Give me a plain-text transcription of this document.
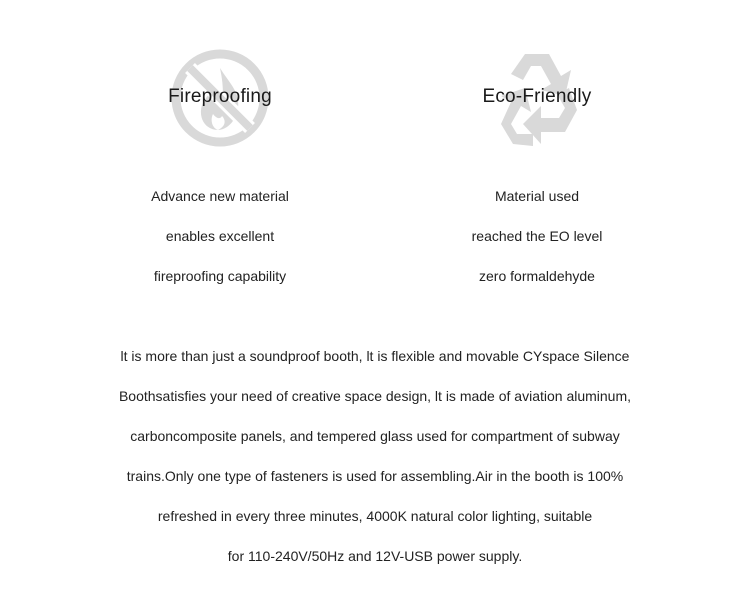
Fireproofing
Advance new material
enables excellent
fireproofing capability
Eco-Friendly
Material used
reached the EO level
zero formaldehyde
lt is more than just a soundproof booth, lt is flexible and movable CYspace Silence
Boothsatisfies your need of creative space design, lt is made of aviation aluminum,
carboncomposite panels, and tempered glass used for compartment of subway
trains.Only one type of fasteners is used for assembling.Air in the booth is 100%
refreshed in every three minutes, 4000K natural color lighting, suitable
for 110-240V/50Hz and 12V-USB power supply.
